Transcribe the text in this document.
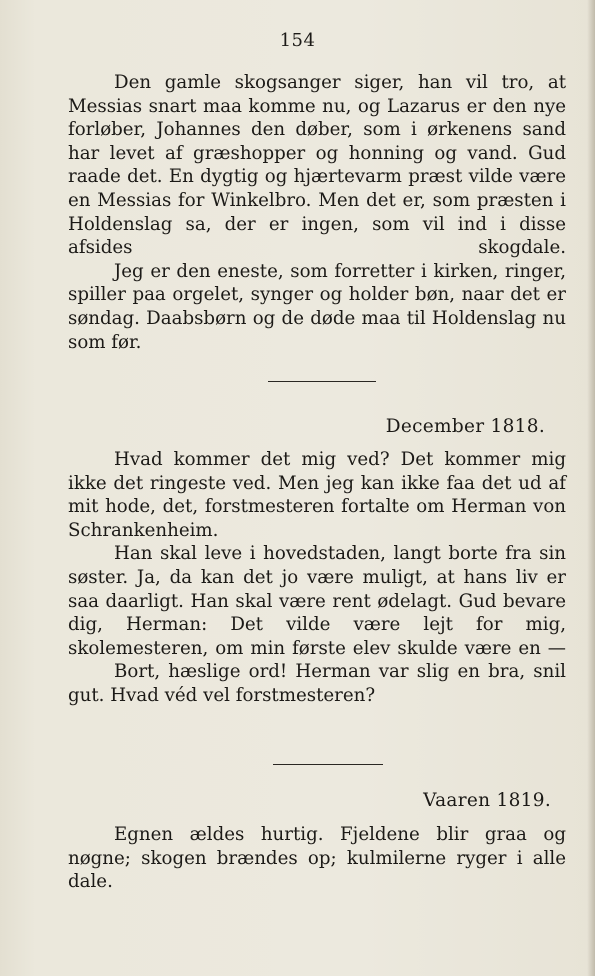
154

Den gamle skogsanger siger, han vil tro, at Messias snart maa komme nu, og Lazarus er den nye forløber, Johannes den døber, som i ørkenens sand har levet af græshopper og honning og vand. Gud raade det. En dygtig og hjærtevarm præst vilde være en Messias for Winkelbro. Men det er, som præsten i Holdenslag sa, der er ingen, som vil ind i disse afsides skogdale.

Jeg er den eneste, som forretter i kirken, ringer, spiller paa orgelet, synger og holder bøn, naar det er søndag. Daabsbørn og de døde maa til Holdenslag nu som før.

December 1818.

Hvad kommer det mig ved? Det kommer mig ikke det ringeste ved. Men jeg kan ikke faa det ud af mit hode, det, forstmesteren fortalte om Herman von Schrankenheim.

Han skal leve i hovedstaden, langt borte fra sin søster. Ja, da kan det jo være muligt, at hans liv er saa daarligt. Han skal være rent ødelagt. Gud bevare dig, Herman: Det vilde være lejt for mig, skolemesteren, om min første elev skulde være en —

Bort, hæslige ord! Herman var slig en bra, snil gut. Hvad véd vel forstmesteren?

Vaaren 1819.

Egnen ældes hurtig. Fjeldene blir graa og nøgne; skogen brændes op; kulmilerne ryger i alle dale.
